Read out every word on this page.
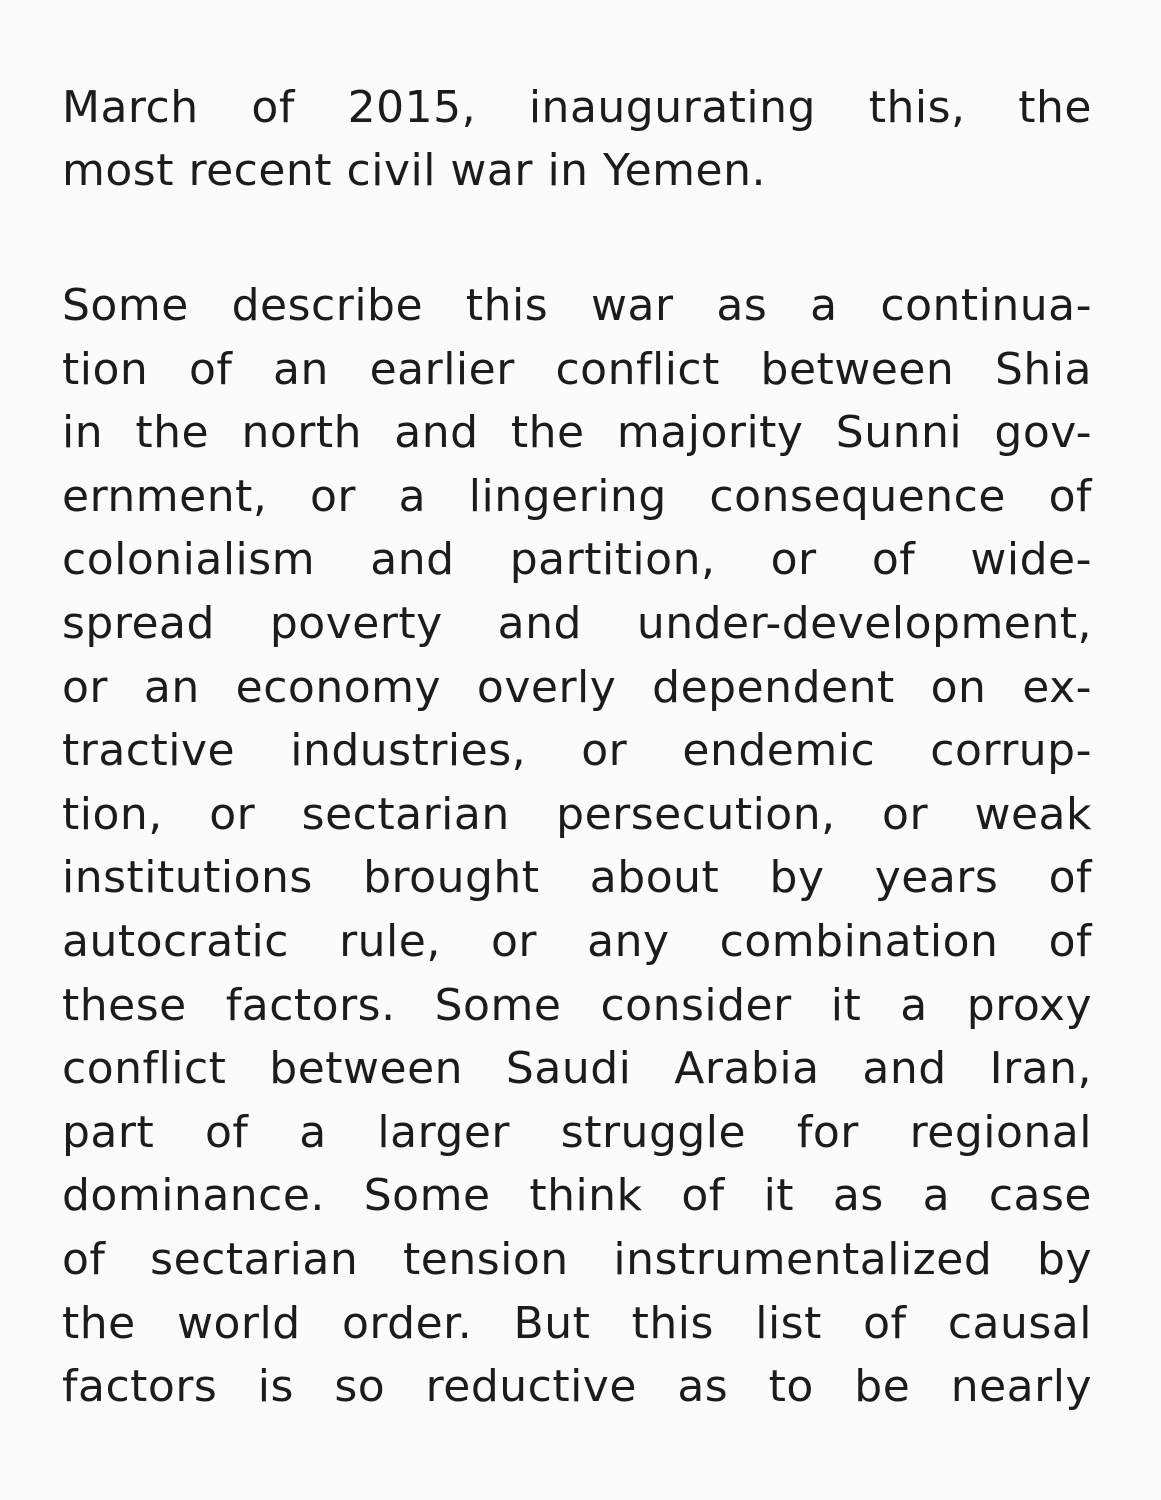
March of 2015, inaugurating this, the
most recent civil war in Yemen.
Some describe this war as a continua-
tion of an earlier conflict between Shia
in the north and the majority Sunni gov-
ernment, or a lingering consequence of
colonialism and partition, or of wide-
spread poverty and under-development,
or an economy overly dependent on ex-
tractive industries, or endemic corrup-
tion, or sectarian persecution, or weak
institutions brought about by years of
autocratic rule, or any combination of
these factors. Some consider it a proxy
conflict between Saudi Arabia and Iran,
part of a larger struggle for regional
dominance. Some think of it as a case
of sectarian tension instrumentalized by
the world order. But this list of causal
factors is so reductive as to be nearly
